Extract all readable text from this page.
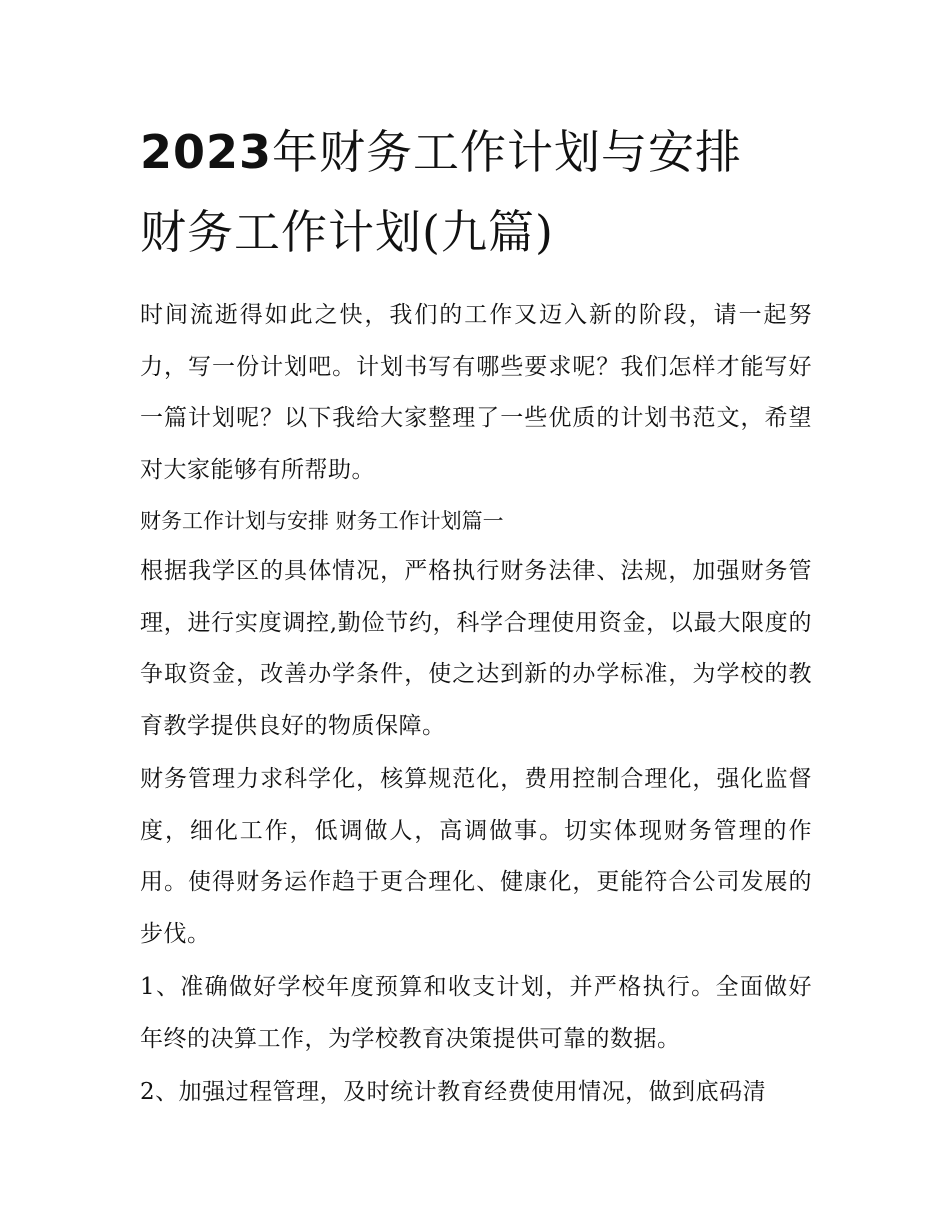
2023年财务工作计划与安排
财务工作计划(九篇)

时间流逝得如此之快，我们的工作又迈入新的阶段，请一起努力，写一份计划吧。计划书写有哪些要求呢？我们怎样才能写好一篇计划呢？以下我给大家整理了一些优质的计划书范文，希望对大家能够有所帮助。

财务工作计划与安排 财务工作计划篇一

根据我学区的具体情况，严格执行财务法律、法规，加强财务管理，进行实度调控,勤俭节约，科学合理使用资金，以最大限度的争取资金，改善办学条件，使之达到新的办学标准，为学校的教育教学提供良好的物质保障。

财务管理力求科学化，核算规范化，费用控制合理化，强化监督度，细化工作，低调做人，高调做事。切实体现财务管理的作用。使得财务运作趋于更合理化、健康化，更能符合公司发展的步伐。

1、准确做好学校年度预算和收支计划，并严格执行。全面做好年终的决算工作，为学校教育决策提供可靠的数据。

2、加强过程管理，及时统计教育经费使用情况，做到底码清
